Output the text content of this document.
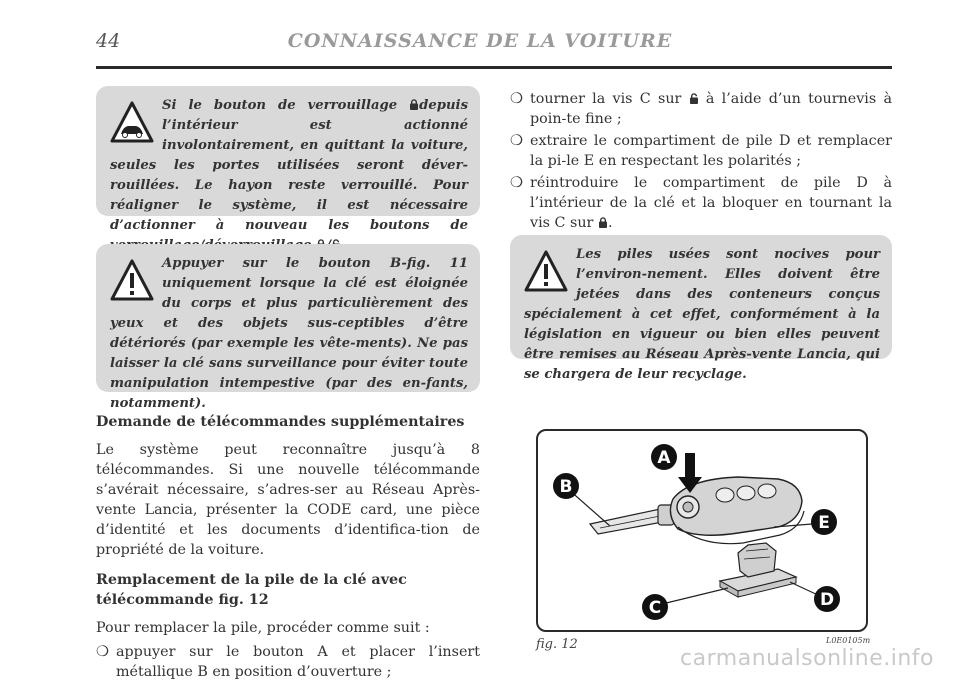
44	CONNAISSANCE DE LA VOITURE
Si le bouton de verrouillage depuis l’intérieur est actionné involontairement, en quittant la voiture, seules les portes utilisées seront déver-rouillées. Le hayon reste verrouillé. Pour réaligner le système, il est nécessaire d’actionner à nouveau les boutons de
Appuyer sur le bouton B-fig. 11 uniquement lorsque la clé est éloignée du corps et plus particulièrement des yeux et des objets sus-ceptibles d’être détériorés (par exemple les vête-ments). Ne pas laisser la clé sans surveillance pour éviter toute manipulation intempestive (par des en-fants, notamment).
Les piles usées sont nocives pour l’environ-nement. Elles doivent être jetées dans des conteneurs conçus spécialement à cet effet, conformément à la législation en vigueur ou bien elles peuvent être remises au Réseau Après-vente Lancia, qui se chargera de leur recyclage.
Demande de télécommandes supplémentaires
Le système peut reconnaître jusqu’à 8 télécommandes. Si une nouvelle télécommande s’avérait nécessaire, s’adres-ser au Réseau Après-vente Lancia, présenter la CODE card, une pièce d’identité et les documents d’identifica-tion de propriété de la voiture.
Remplacement de la pile de la clé avec télécommande fig. 12
Pour remplacer la pile, procéder comme suit :
❍ appuyer sur le bouton A et placer l’insert métallique B en position d’ouverture ;
❍ tourner la vis C sur  à l’aide d’un tournevis à poin-te fine ;
❍ extraire le compartiment de pile D et remplacer la pi-le E en respectant les polarités ;
❍ réintroduire le compartiment de pile D à l’intérieur de la clé et la bloquer en tournant la vis C sur .
A
B
E
C	D
fig. 12	L0E0105m
carmanualsonline.info
